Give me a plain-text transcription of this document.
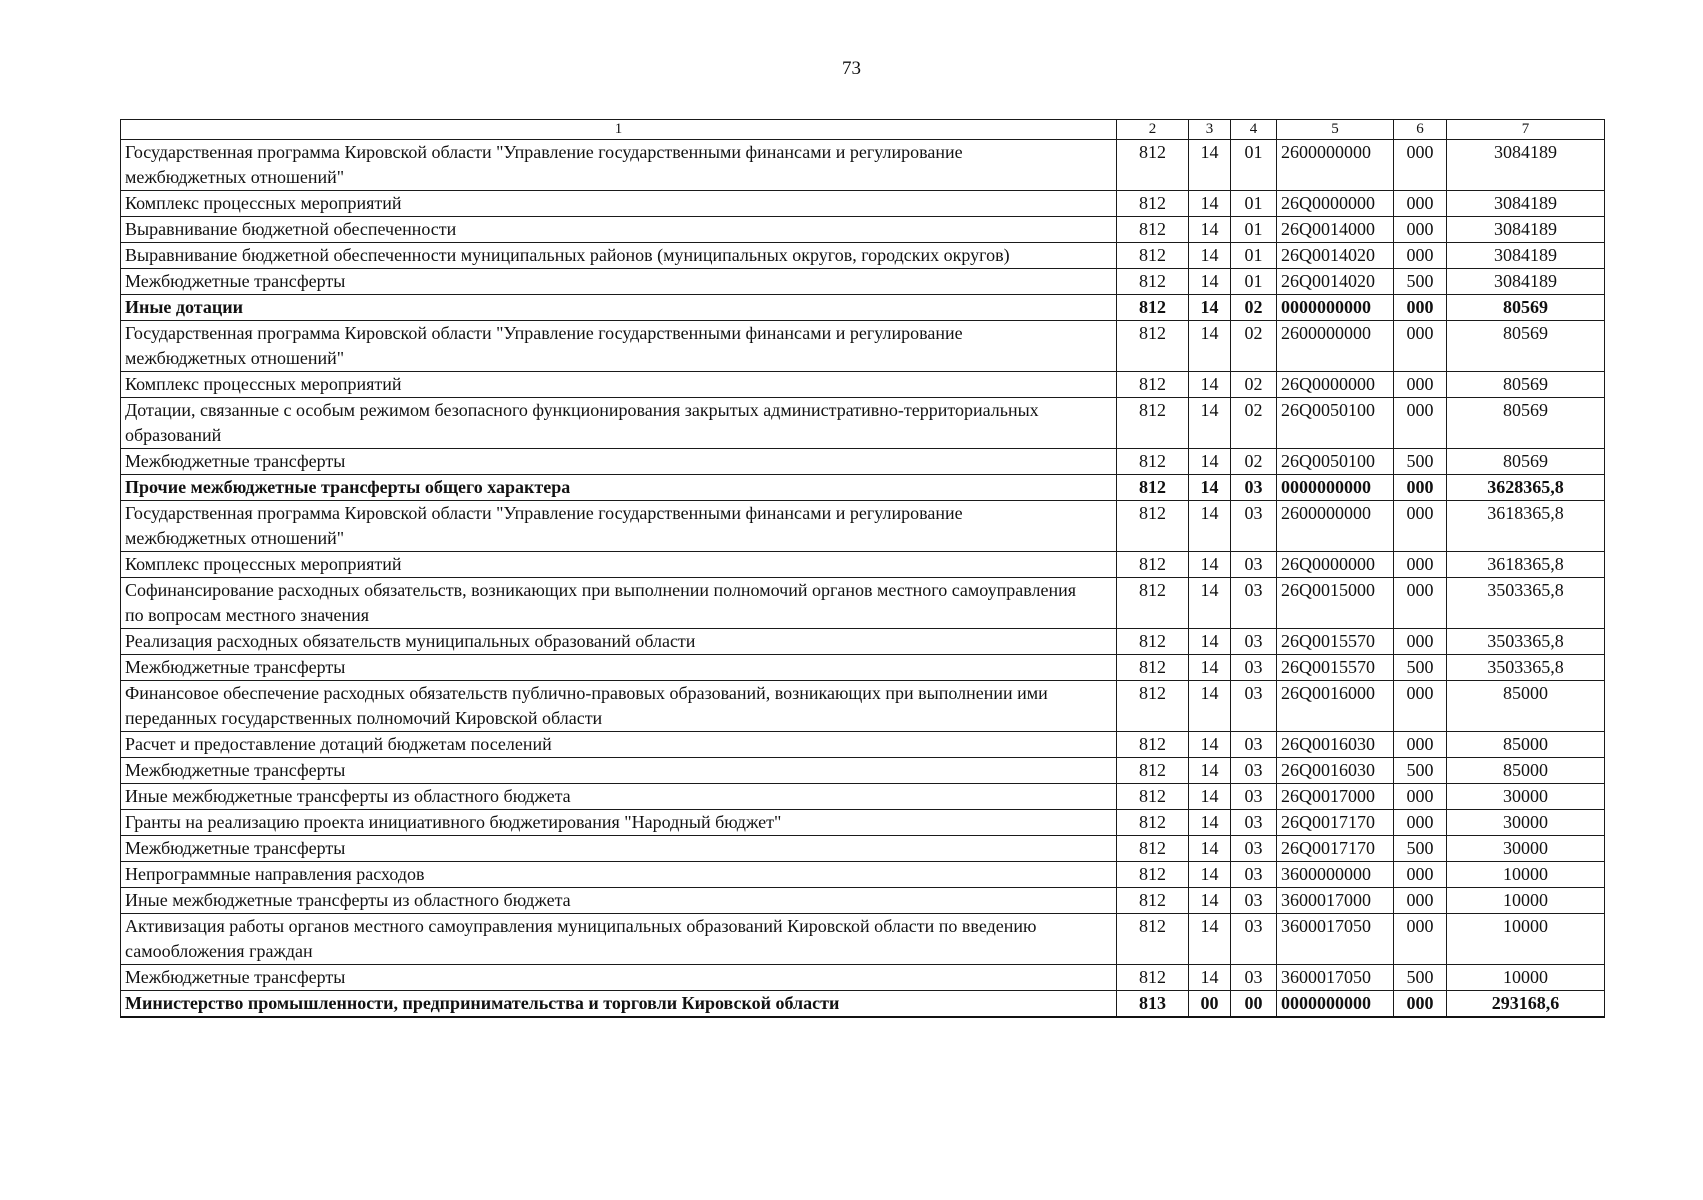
73
1	2	3	4	5	6	7
Государственная программа Кировской области "Управление государственными финансами и регулирование межбюджетных отношений"	812	14	01	2600000000	000	3084189
Комплекс процессных мероприятий	812	14	01	26Q0000000	000	3084189
Выравнивание бюджетной обеспеченности	812	14	01	26Q0014000	000	3084189
Выравнивание бюджетной обеспеченности муниципальных районов (муниципальных округов, городских округов)	812	14	01	26Q0014020	000	3084189
Межбюджетные трансферты	812	14	01	26Q0014020	500	3084189
Иные дотации	812	14	02	0000000000	000	80569
Государственная программа Кировской области "Управление государственными финансами и регулирование межбюджетных отношений"	812	14	02	2600000000	000	80569
Комплекс процессных мероприятий	812	14	02	26Q0000000	000	80569
Дотации, связанные с особым режимом безопасного функционирования закрытых административно-территориальных образований	812	14	02	26Q0050100	000	80569
Межбюджетные трансферты	812	14	02	26Q0050100	500	80569
Прочие межбюджетные трансферты общего характера	812	14	03	0000000000	000	3628365,8
Государственная программа Кировской области "Управление государственными финансами и регулирование межбюджетных отношений"	812	14	03	2600000000	000	3618365,8
Комплекс процессных мероприятий	812	14	03	26Q0000000	000	3618365,8
Софинансирование расходных обязательств, возникающих при выполнении полномочий органов местного самоуправления по вопросам местного значения	812	14	03	26Q0015000	000	3503365,8
Реализация расходных обязательств муниципальных образований области	812	14	03	26Q0015570	000	3503365,8
Межбюджетные трансферты	812	14	03	26Q0015570	500	3503365,8
Финансовое обеспечение расходных обязательств публично-правовых образований, возникающих при выполнении ими переданных государственных полномочий Кировской области	812	14	03	26Q0016000	000	85000
Расчет и предоставление дотаций бюджетам поселений	812	14	03	26Q0016030	000	85000
Межбюджетные трансферты	812	14	03	26Q0016030	500	85000
Иные межбюджетные трансферты из областного бюджета	812	14	03	26Q0017000	000	30000
Гранты на реализацию проекта инициативного бюджетирования "Народный бюджет"	812	14	03	26Q0017170	000	30000
Межбюджетные трансферты	812	14	03	26Q0017170	500	30000
Непрограммные направления расходов	812	14	03	3600000000	000	10000
Иные межбюджетные трансферты из областного бюджета	812	14	03	3600017000	000	10000
Активизация работы органов местного самоуправления муниципальных образований Кировской области по введению самообложения граждан	812	14	03	3600017050	000	10000
Межбюджетные трансферты	812	14	03	3600017050	500	10000
Министерство промышленности, предпринимательства и торговли Кировской области	813	00	00	0000000000	000	293168,6
